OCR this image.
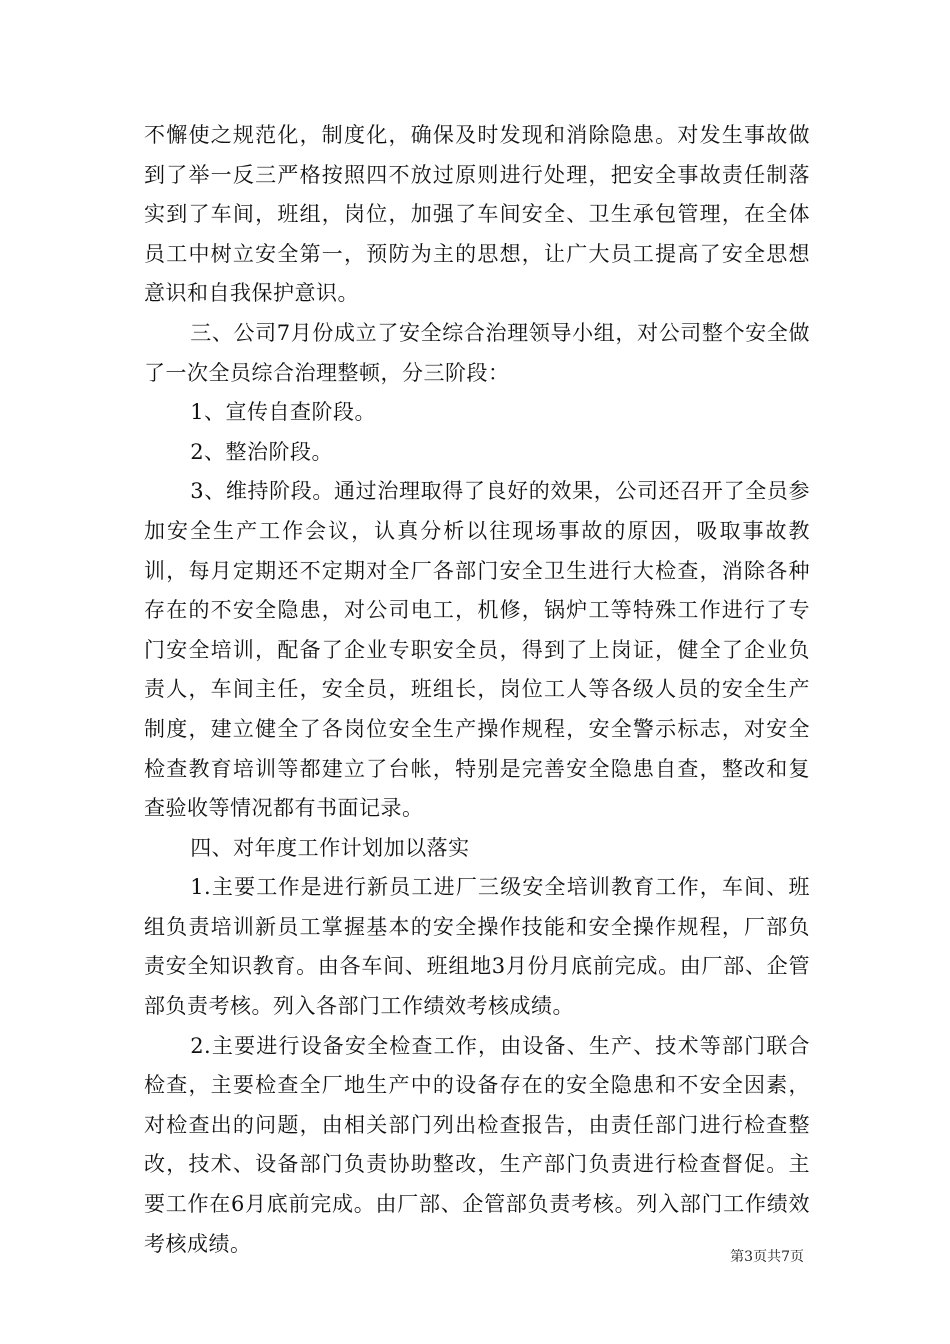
不懈使之规范化，制度化，确保及时发现和消除隐患。对发生事故做到了举一反三严格按照四不放过原则进行处理，把安全事故责任制落实到了车间，班组，岗位，加强了车间安全、卫生承包管理，在全体员工中树立安全第一，预防为主的思想，让广大员工提高了安全思想意识和自我保护意识。

三、公司7月份成立了安全综合治理领导小组，对公司整个安全做了一次全员综合治理整顿，分三阶段：

1、宣传自查阶段。

2、整治阶段。

3、维持阶段。通过治理取得了良好的效果，公司还召开了全员参加安全生产工作会议，认真分析以往现场事故的原因，吸取事故教训，每月定期还不定期对全厂各部门安全卫生进行大检查，消除各种存在的不安全隐患，对公司电工，机修，锅炉工等特殊工作进行了专门安全培训，配备了企业专职安全员，得到了上岗证，健全了企业负责人，车间主任，安全员，班组长，岗位工人等各级人员的安全生产制度，建立健全了各岗位安全生产操作规程，安全警示标志，对安全检查教育培训等都建立了台帐，特别是完善安全隐患自查，整改和复查验收等情况都有书面记录。

四、对年度工作计划加以落实

1.主要工作是进行新员工进厂三级安全培训教育工作，车间、班组负责培训新员工掌握基本的安全操作技能和安全操作规程，厂部负责安全知识教育。由各车间、班组地3月份月底前完成。由厂部、企管部负责考核。列入各部门工作绩效考核成绩。

2.主要进行设备安全检查工作，由设备、生产、技术等部门联合检查，主要检查全厂地生产中的设备存在的安全隐患和不安全因素，对检查出的问题，由相关部门列出检查报告，由责任部门进行检查整改，技术、设备部门负责协助整改，生产部门负责进行检查督促。主要工作在6月底前完成。由厂部、企管部负责考核。列入部门工作绩效考核成绩。

第3页共7页
